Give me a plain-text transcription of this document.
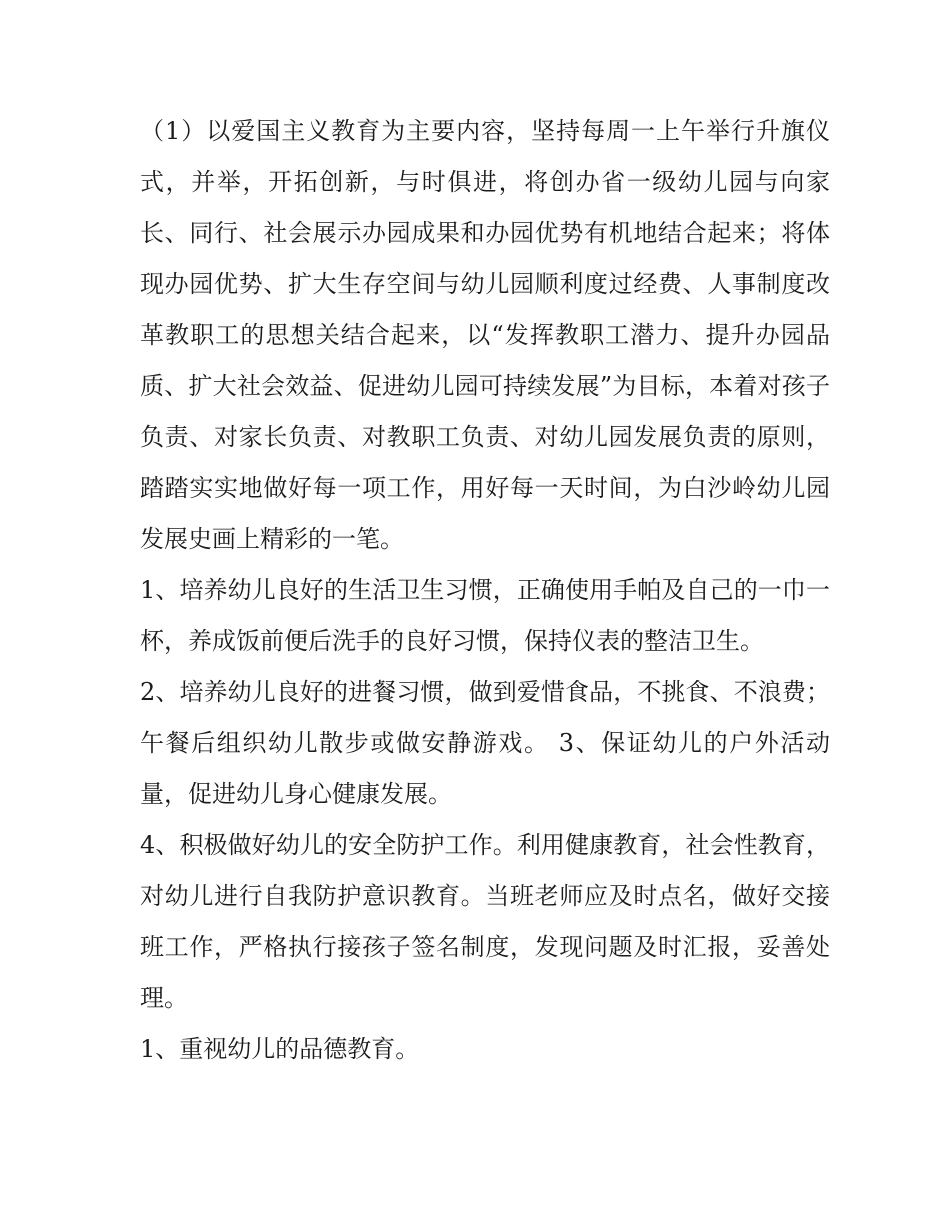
（1）以爱国主义教育为主要内容，坚持每周一上午举行升旗仪式，并举，开拓创新，与时俱进，将创办省一级幼儿园与向家长、同行、社会展示办园成果和办园优势有机地结合起来；将体现办园优势、扩大生存空间与幼儿园顺利度过经费、人事制度改革教职工的思想关结合起来，以“发挥教职工潜力、提升办园品质、扩大社会效益、促进幼儿园可持续发展”为目标，本着对孩子负责、对家长负责、对教职工负责、对幼儿园发展负责的原则，踏踏实实地做好每一项工作，用好每一天时间，为白沙岭幼儿园发展史画上精彩的一笔。

1、培养幼儿良好的生活卫生习惯，正确使用手帕及自己的一巾一杯，养成饭前便后洗手的良好习惯，保持仪表的整洁卫生。

2、培养幼儿良好的进餐习惯，做到爱惜食品，不挑食、不浪费；午餐后组织幼儿散步或做安静游戏。 3、保证幼儿的户外活动量，促进幼儿身心健康发展。

4、积极做好幼儿的安全防护工作。利用健康教育，社会性教育，对幼儿进行自我防护意识教育。当班老师应及时点名，做好交接班工作，严格执行接孩子签名制度，发现问题及时汇报，妥善处理。

1、重视幼儿的品德教育。
